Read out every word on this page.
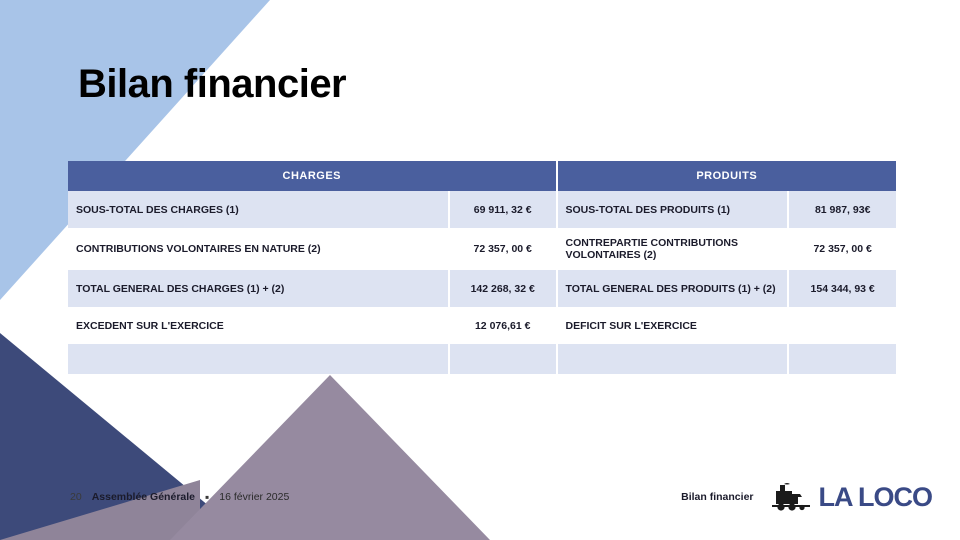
Bilan financier
CHARGES		PRODUITS	
SOUS-TOTAL DES CHARGES (1)	69 911, 32 €	SOUS-TOTAL DES PRODUITS (1)	81 987, 93€
CONTRIBUTIONS VOLONTAIRES EN NATURE (2)	72 357, 00 €	CONTREPARTIE CONTRIBUTIONS VOLONTAIRES (2)	72 357, 00 €
TOTAL GENERAL DES CHARGES (1) + (2)	142 268, 32 €	TOTAL GENERAL DES PRODUITS (1) + (2)	154 344, 93 €
EXCEDENT SUR L'EXERCICE	12 076,61 €	DEFICIT SUR L'EXERCICE	

20 Assemblée Générale ▪ 16 février 2025	Bilan financier LA LOCO
